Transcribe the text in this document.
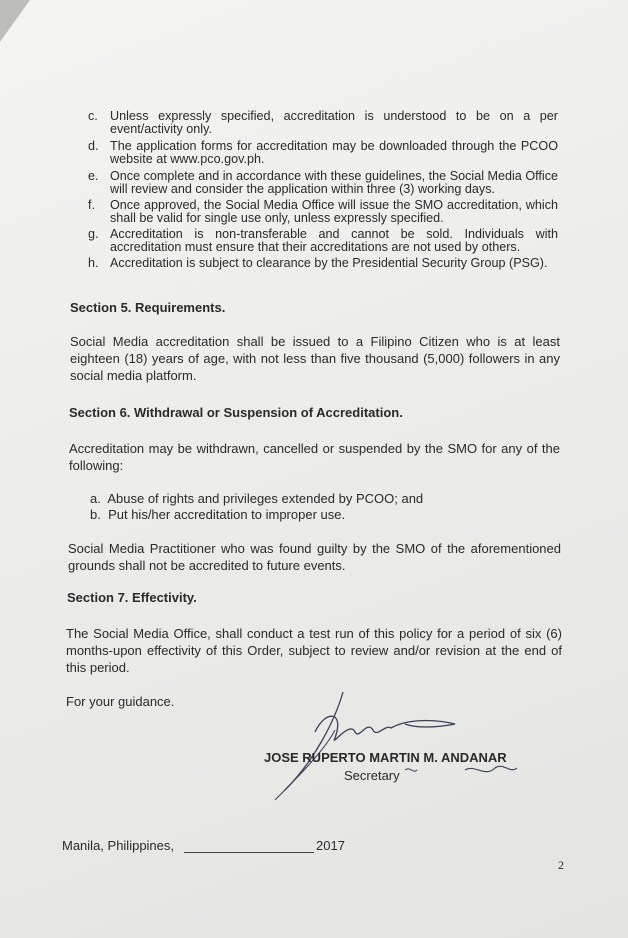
c. Unless expressly specified, accreditation is understood to be on a per event/activity only.
d. The application forms for accreditation may be downloaded through the PCOO website at www.pco.gov.ph.
e. Once complete and in accordance with these guidelines, the Social Media Office will review and consider the application within three (3) working days.
f.	Once approved, the Social Media Office will issue the SMO accreditation, which shall be valid for single use only, unless expressly specified.
g. Accreditation is non-transferable and cannot be sold. Individuals with accreditation must ensure that their accreditations are not used by others.
h. Accreditation is subject to clearance by the Presidential Security Group (PSG).
Section 5. Requirements.
Social Media accreditation shall be issued to a Filipino Citizen who is at least eighteen (18) years of age, with not less than five thousand (5,000) followers in any social media platform.
Section 6. Withdrawal or Suspension of Accreditation.
Accreditation may be withdrawn, cancelled or suspended by the SMO for any of the following:
a. Abuse of rights and privileges extended by PCOO; and
b. Put his/her accreditation to improper use.
Social Media Practitioner who was found guilty by the SMO of the aforementioned grounds shall not be accredited to future events.
Section 7. Effectivity.
The Social Media Office, shall conduct a test run of this policy for a period of six (6) months-upon effectivity of this Order, subject to review and/or revision at the end of this period.
For your guidance.
JOSE RUPERTO MARTIN M. ANDANAR
Secretary
Manila, Philippines,	2017
2
